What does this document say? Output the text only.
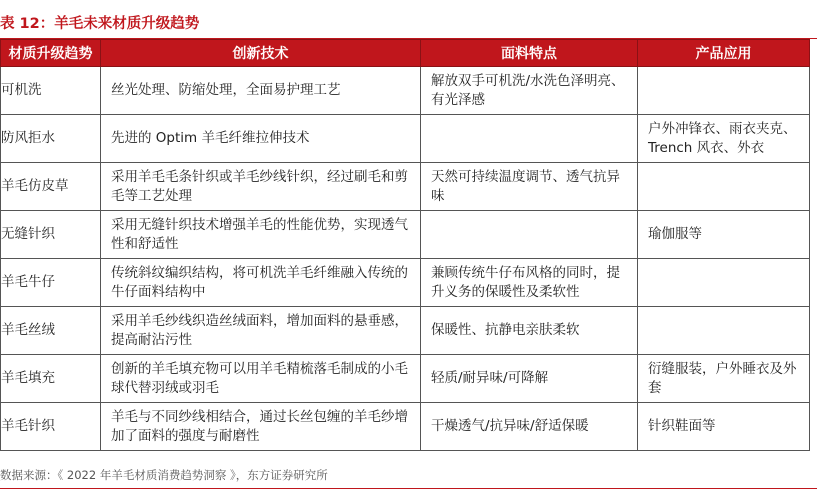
表 12：羊毛未来材质升级趋势
材质升级趋势	创新技术	面料特点	产品应用
可机洗	丝光处理、防缩处理，全面易护理工艺	解放双手可机洗/水洗色泽明亮、有光泽感	
防风拒水	先进的 Optim 羊毛纤维拉伸技术		户外冲锋衣、雨衣夹克、Trench 风衣、外衣
羊毛仿皮草	采用羊毛毛条针织或羊毛纱线针织，经过刷毛和剪毛等工艺处理	天然可持续温度调节、透气抗异味	
无缝针织	采用无缝针织技术增强羊毛的性能优势，实现透气性和舒适性		瑜伽服等
羊毛牛仔	传统斜纹编织结构，将可机洗羊毛纤维融入传统的牛仔面料结构中	兼顾传统牛仔布风格的同时，提升义务的保暖性及柔软性	
羊毛丝绒	采用羊毛纱线织造丝绒面料，增加面料的悬垂感，提高耐沾污性	保暖性、抗静电亲肤柔软	
羊毛填充	创新的羊毛填充物可以用羊毛精梳落毛制成的小毛球代替羽绒或羽毛	轻质/耐异味/可降解	衍缝服装，户外睡衣及外套
羊毛针织	羊毛与不同纱线相结合，通过长丝包缠的羊毛纱增加了面料的强度与耐磨性	干燥透气/抗异味/舒适保暖	针织鞋面等
数据来源：《 2022 年羊毛材质消费趋势洞察 》，东方证券研究所
